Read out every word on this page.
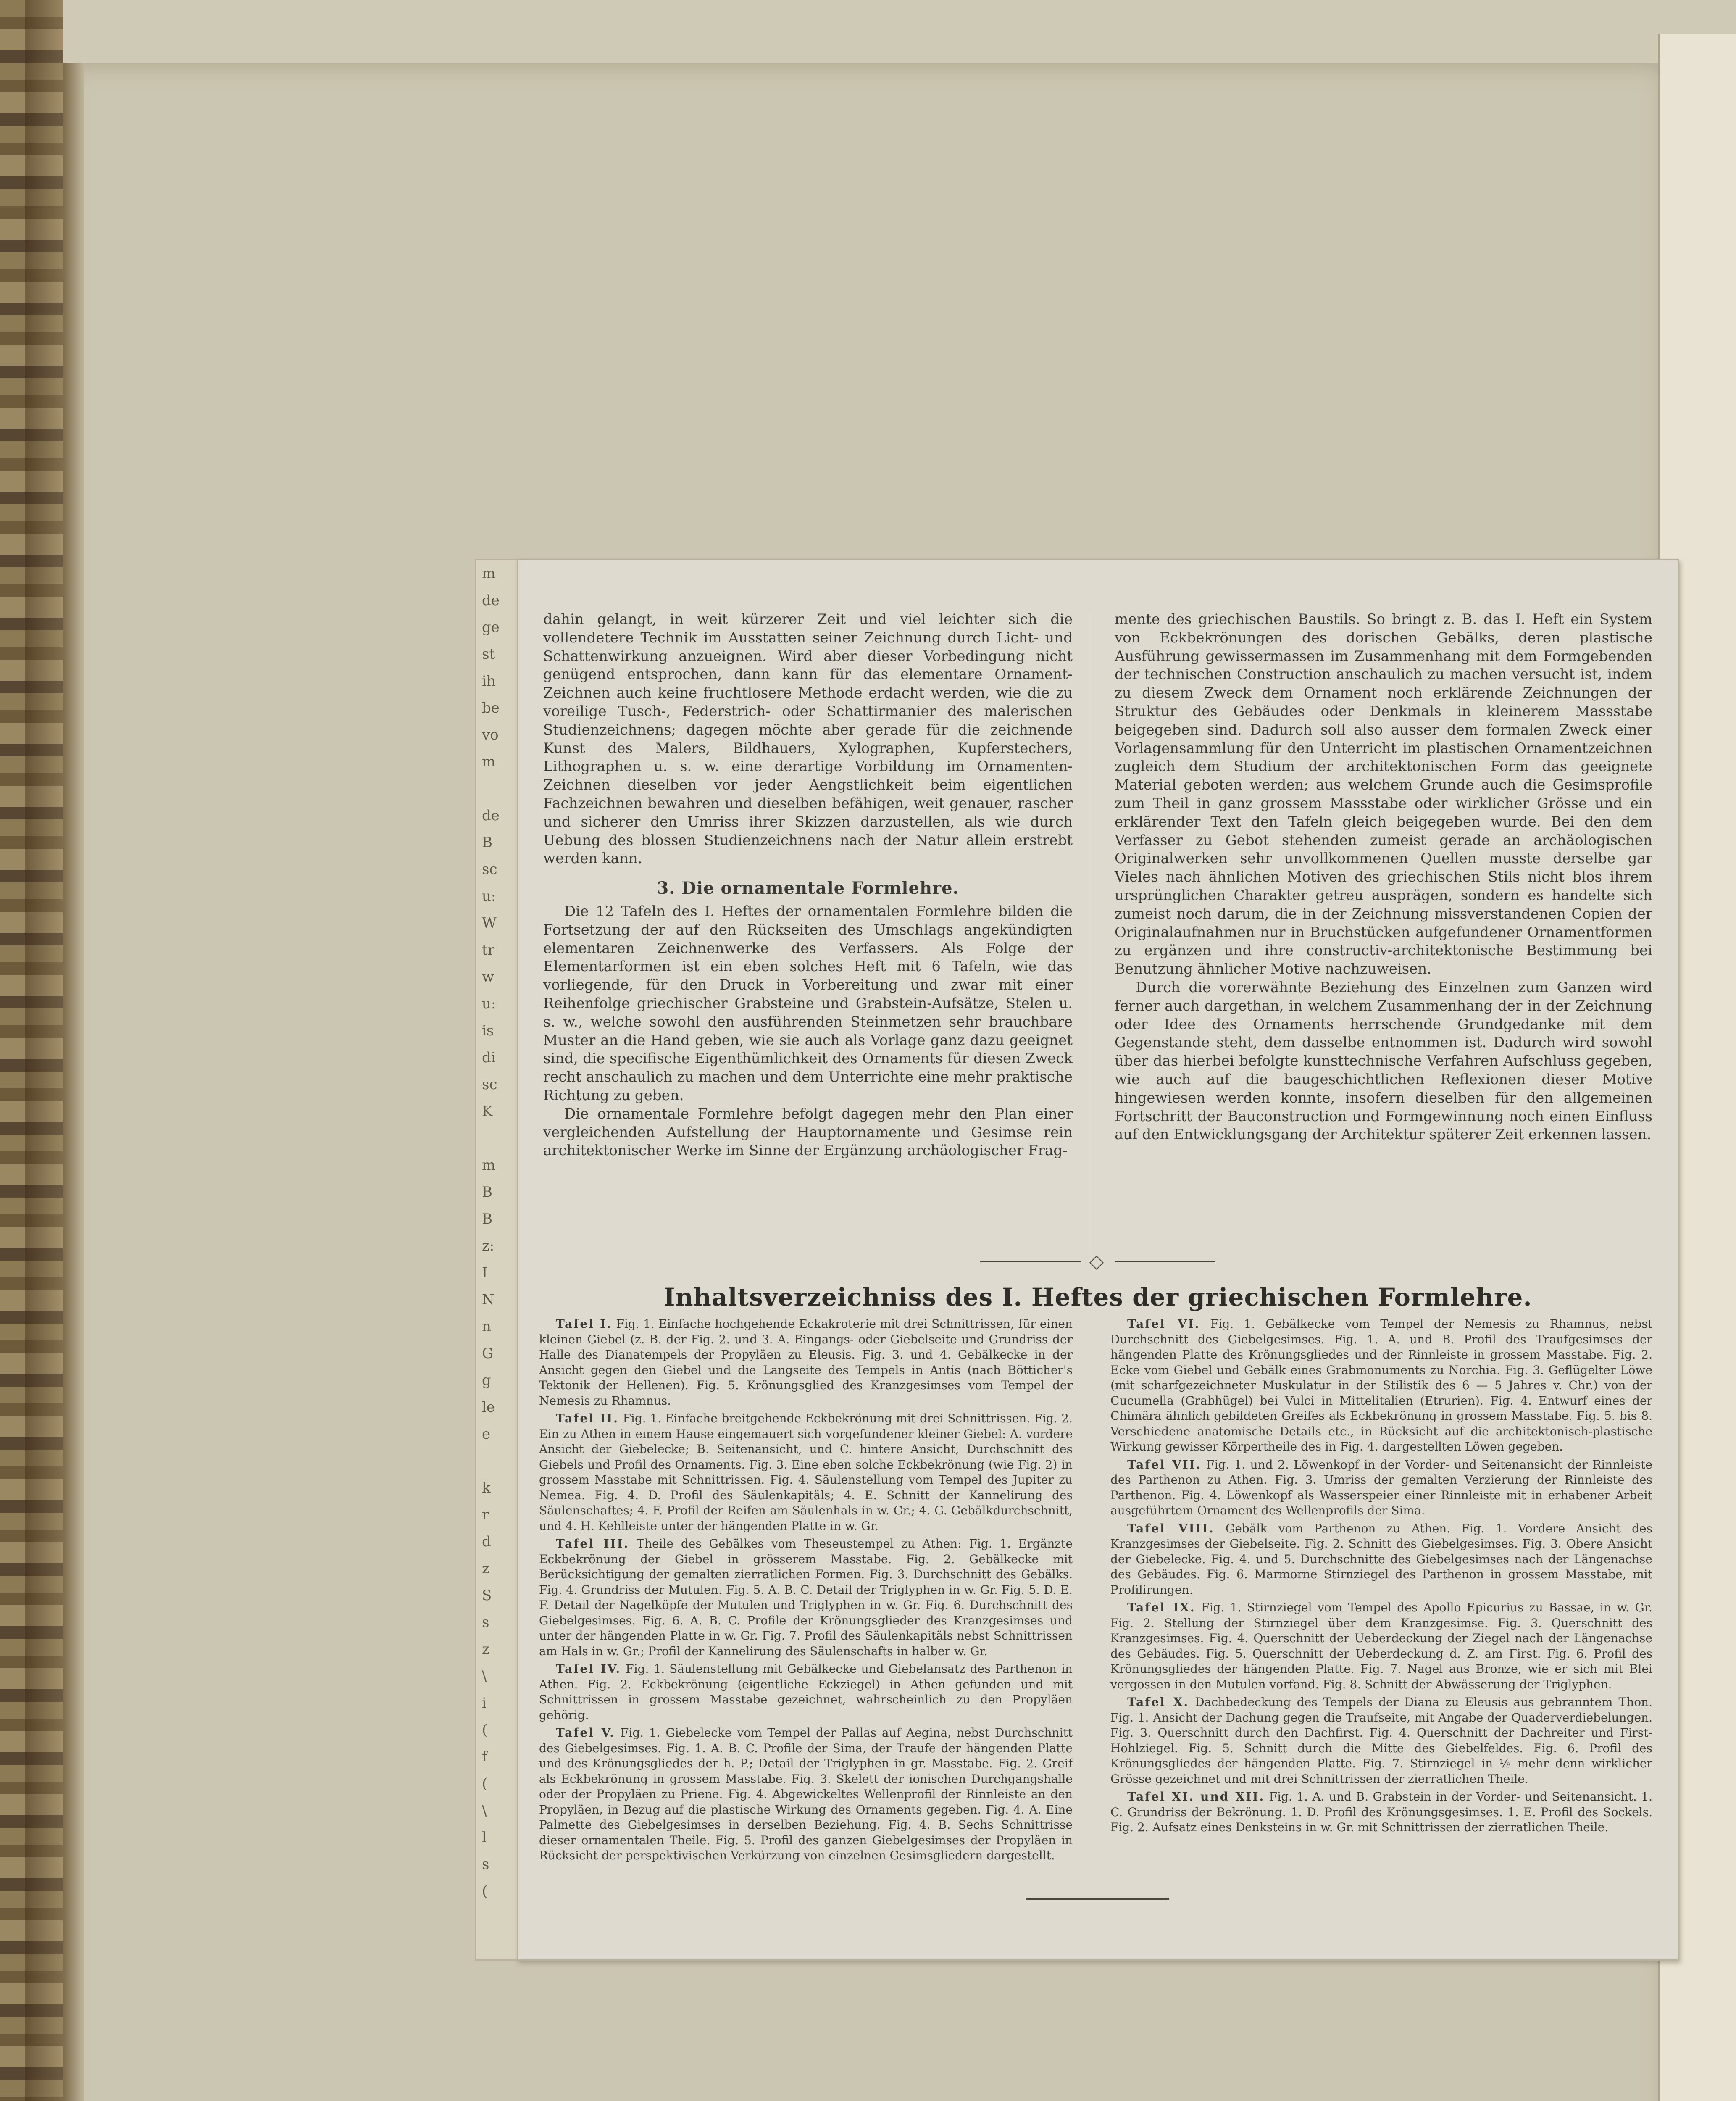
m
de
ge
st
ih
be
vo
m

de
B
sc
u:
W
tr
w
u:
is
di
sc
K

m
B
B
z:
I
N
n
G
g
le
e

k
r
d
z
S
s
z
\
i
(
f
(
\
l
s
(

dahin gelangt, in weit kürzerer Zeit und viel leichter sich die vollendetere Technik im Ausstatten seiner Zeichnung durch Licht- und Schattenwirkung anzueignen. Wird aber dieser Vorbedingung nicht genügend entsprochen, dann kann für das elementare Ornament-Zeichnen auch keine fruchtlosere Methode erdacht werden, wie die zu voreilige Tusch-, Federstrich- oder Schattirmanier des malerischen Studienzeichnens; dagegen möchte aber gerade für die zeichnende Kunst des Malers, Bildhauers, Xylographen, Kupferstechers, Lithographen u. s. w. eine derartige Vorbildung im Ornamenten-Zeichnen dieselben vor jeder Aengstlichkeit beim eigentlichen Fachzeichnen bewahren und dieselben befähigen, weit genauer, rascher und sicherer den Umriss ihrer Skizzen darzustellen, als wie durch Uebung des blossen Studienzeichnens nach der Natur allein erstrebt werden kann.

3. Die ornamentale Formlehre.

Die 12 Tafeln des I. Heftes der ornamentalen Formlehre bilden die Fortsetzung der auf den Rückseiten des Umschlags angekündigten elementaren Zeichnenwerke des Verfassers. Als Folge der Elementarformen ist ein eben solches Heft mit 6 Tafeln, wie das vorliegende, für den Druck in Vorbereitung und zwar mit einer Reihenfolge griechischer Grabsteine und Grabstein-Aufsätze, Stelen u. s. w., welche sowohl den ausführenden Steinmetzen sehr brauchbare Muster an die Hand geben, wie sie auch als Vorlage ganz dazu geeignet sind, die specifische Eigenthümlichkeit des Ornaments für diesen Zweck recht anschaulich zu machen und dem Unterrichte eine mehr praktische Richtung zu geben.

Die ornamentale Formlehre befolgt dagegen mehr den Plan einer vergleichenden Aufstellung der Hauptornamente und Gesimse rein architektonischer Werke im Sinne der Ergänzung archäologischer Frag-

mente des griechischen Baustils. So bringt z. B. das I. Heft ein System von Eckbekrönungen des dorischen Gebälks, deren plastische Ausführung gewissermassen im Zusammenhang mit dem Formgebenden der technischen Construction anschaulich zu machen versucht ist, indem zu diesem Zweck dem Ornament noch erklärende Zeichnungen der Struktur des Gebäudes oder Denkmals in kleinerem Massstabe beigegeben sind. Dadurch soll also ausser dem formalen Zweck einer Vorlagensammlung für den Unterricht im plastischen Ornamentzeichnen zugleich dem Studium der architektonischen Form das geeignete Material geboten werden; aus welchem Grunde auch die Gesimsprofile zum Theil in ganz grossem Massstabe oder wirklicher Grösse und ein erklärender Text den Tafeln gleich beigegeben wurde. Bei den dem Verfasser zu Gebot stehenden zumeist gerade an archäologischen Originalwerken sehr unvollkommenen Quellen musste derselbe gar Vieles nach ähnlichen Motiven des griechischen Stils nicht blos ihrem ursprünglichen Charakter getreu ausprägen, sondern es handelte sich zumeist noch darum, die in der Zeichnung missverstandenen Copien der Originalaufnahmen nur in Bruchstücken aufgefundener Ornamentformen zu ergänzen und ihre constructiv-architektonische Bestimmung bei Benutzung ähnlicher Motive nachzuweisen.

Durch die vorerwähnte Beziehung des Einzelnen zum Ganzen wird ferner auch dargethan, in welchem Zusammenhang der in der Zeichnung oder Idee des Ornaments herrschende Grundgedanke mit dem Gegenstande steht, dem dasselbe entnommen ist. Dadurch wird sowohl über das hierbei befolgte kunsttechnische Verfahren Aufschluss gegeben, wie auch auf die baugeschichtlichen Reflexionen dieser Motive hingewiesen werden konnte, insofern dieselben für den allgemeinen Fortschritt der Bauconstruction und Formgewinnung noch einen Einfluss auf den Entwicklungsgang der Architektur späterer Zeit erkennen lassen.

Inhaltsverzeichniss des I. Heftes der griechischen Formlehre.

Tafel I. Fig. 1. Einfache hochgehende Eckakroterie mit drei Schnittrissen, für einen kleinen Giebel (z. B. der Fig. 2. und 3. A. Eingangs- oder Giebelseite und Grundriss der Halle des Dianatempels der Propyläen zu Eleusis. Fig. 3. und 4. Gebälkecke in der Ansicht gegen den Giebel und die Langseite des Tempels in Antis (nach Bötticher's Tektonik der Hellenen). Fig. 5. Krönungsglied des Kranzgesimses vom Tempel der Nemesis zu Rhamnus.

Tafel II. Fig. 1. Einfache breitgehende Eckbekrönung mit drei Schnittrissen. Fig. 2. Ein zu Athen in einem Hause eingemauert sich vorgefundener kleiner Giebel: A. vordere Ansicht der Giebelecke; B. Seitenansicht, und C. hintere Ansicht, Durchschnitt des Giebels und Profil des Ornaments. Fig. 3. Eine eben solche Eckbekrönung (wie Fig. 2) in grossem Masstabe mit Schnittrissen. Fig. 4. Säulenstellung vom Tempel des Jupiter zu Nemea. Fig. 4. D. Profil des Säulenkapitäls; 4. E. Schnitt der Kannelirung des Säulenschaftes; 4. F. Profil der Reifen am Säulenhals in w. Gr.; 4. G. Gebälkdurchschnitt, und 4. H. Kehlleiste unter der hängenden Platte in w. Gr.

Tafel III. Theile des Gebälkes vom Theseustempel zu Athen: Fig. 1. Ergänzte Eckbekrönung der Giebel in grösserem Masstabe. Fig. 2. Gebälkecke mit Berücksichtigung der gemalten zierratlichen Formen. Fig. 3. Durchschnitt des Gebälks. Fig. 4. Grundriss der Mutulen. Fig. 5. A. B. C. Detail der Triglyphen in w. Gr. Fig. 5. D. E. F. Detail der Nagelköpfe der Mutulen und Triglyphen in w. Gr. Fig. 6. Durchschnitt des Giebelgesimses. Fig. 6. A. B. C. Profile der Krönungsglieder des Kranzgesimses und unter der hängenden Platte in w. Gr. Fig. 7. Profil des Säulenkapitäls nebst Schnittrissen am Hals in w. Gr.; Profil der Kannelirung des Säulenschafts in halber w. Gr.

Tafel IV. Fig. 1. Säulenstellung mit Gebälkecke und Giebelansatz des Parthenon in Athen. Fig. 2. Eckbekrönung (eigentliche Eckziegel) in Athen gefunden und mit Schnittrissen in grossem Masstabe gezeichnet, wahrscheinlich zu den Propyläen gehörig.

Tafel V. Fig. 1. Giebelecke vom Tempel der Pallas auf Aegina, nebst Durchschnitt des Giebelgesimses. Fig. 1. A. B. C. Profile der Sima, der Traufe der hängenden Platte und des Krönungsgliedes der h. P.; Detail der Triglyphen in gr. Masstabe. Fig. 2. Greif als Eckbekrönung in grossem Masstabe. Fig. 3. Skelett der ionischen Durchgangshalle oder der Propyläen zu Priene. Fig. 4. Abgewickeltes Wellenprofil der Rinnleiste an den Propyläen, in Bezug auf die plastische Wirkung des Ornaments gegeben. Fig. 4. A. Eine Palmette des Giebelgesimses in derselben Beziehung. Fig. 4. B. Sechs Schnittrisse dieser ornamentalen Theile. Fig. 5. Profil des ganzen Giebelgesimses der Propyläen in Rücksicht der perspektivischen Verkürzung von einzelnen Gesimsgliedern dargestellt.

Tafel VI. Fig. 1. Gebälkecke vom Tempel der Nemesis zu Rhamnus, nebst Durchschnitt des Giebelgesimses. Fig. 1. A. und B. Profil des Traufgesimses der hängenden Platte des Krönungsgliedes und der Rinnleiste in grossem Masstabe. Fig. 2. Ecke vom Giebel und Gebälk eines Grabmonuments zu Norchia. Fig. 3. Geflügelter Löwe (mit scharfgezeichneter Muskulatur in der Stilistik des 6 — 5 Jahres v. Chr.) von der Cucumella (Grabhügel) bei Vulci in Mittelitalien (Etrurien). Fig. 4. Entwurf eines der Chimära ähnlich gebildeten Greifes als Eckbekrönung in grossem Masstabe. Fig. 5. bis 8. Verschiedene anatomische Details etc., in Rücksicht auf die architektonisch-plastische Wirkung gewisser Körpertheile des in Fig. 4. dargestellten Löwen gegeben.

Tafel VII. Fig. 1. und 2. Löwenkopf in der Vorder- und Seitenansicht der Rinnleiste des Parthenon zu Athen. Fig. 3. Umriss der gemalten Verzierung der Rinnleiste des Parthenon. Fig. 4. Löwenkopf als Wasserspeier einer Rinnleiste mit in erhabener Arbeit ausgeführtem Ornament des Wellenprofils der Sima.

Tafel VIII. Gebälk vom Parthenon zu Athen. Fig. 1. Vordere Ansicht des Kranzgesimses der Giebelseite. Fig. 2. Schnitt des Giebelgesimses. Fig. 3. Obere Ansicht der Giebelecke. Fig. 4. und 5. Durchschnitte des Giebelgesimses nach der Längenachse des Gebäudes. Fig. 6. Marmorne Stirnziegel des Parthenon in grossem Masstabe, mit Profilirungen.

Tafel IX. Fig. 1. Stirnziegel vom Tempel des Apollo Epicurius zu Bassae, in w. Gr. Fig. 2. Stellung der Stirnziegel über dem Kranzgesimse. Fig. 3. Querschnitt des Kranzgesimses. Fig. 4. Querschnitt der Ueberdeckung der Ziegel nach der Längenachse des Gebäudes. Fig. 5. Querschnitt der Ueberdeckung d. Z. am First. Fig. 6. Profil des Krönungsgliedes der hängenden Platte. Fig. 7. Nagel aus Bronze, wie er sich mit Blei vergossen in den Mutulen vorfand. Fig. 8. Schnitt der Abwässerung der Triglyphen.

Tafel X. Dachbedeckung des Tempels der Diana zu Eleusis aus gebranntem Thon. Fig. 1. Ansicht der Dachung gegen die Traufseite, mit Angabe der Quaderverdiebelungen. Fig. 3. Querschnitt durch den Dachfirst. Fig. 4. Querschnitt der Dachreiter und First-Hohlziegel. Fig. 5. Schnitt durch die Mitte des Giebelfeldes. Fig. 6. Profil des Krönungsgliedes der hängenden Platte. Fig. 7. Stirnziegel in ⅛ mehr denn wirklicher Grösse gezeichnet und mit drei Schnittrissen der zierratlichen Theile.

Tafel XI. und XII. Fig. 1. A. und B. Grabstein in der Vorder- und Seitenansicht. 1. C. Grundriss der Bekrönung. 1. D. Profil des Krönungsgesimses. 1. E. Profil des Sockels. Fig. 2. Aufsatz eines Denksteins in w. Gr. mit Schnittrissen der zierratlichen Theile.
